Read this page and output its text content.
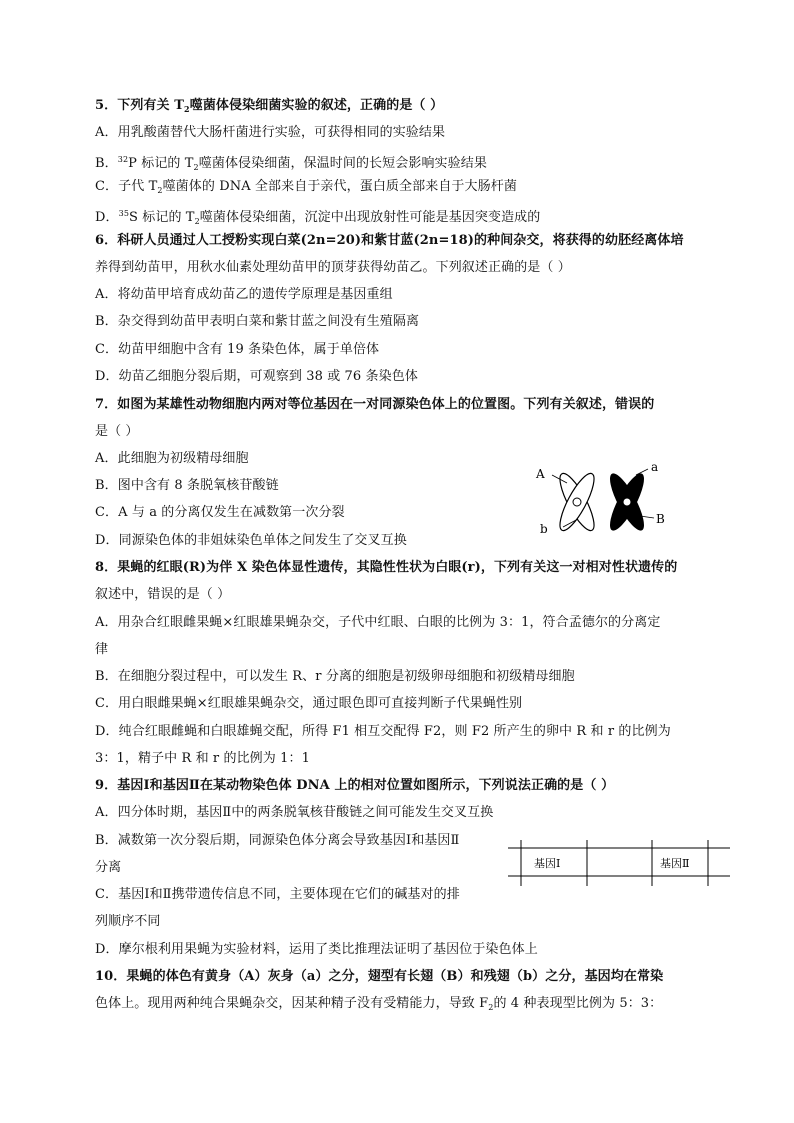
5．下列有关 $T_2$噬菌体侵染细菌实验的叙述，正确的是（ ）
A．用乳酸菌替代大肠杆菌进行实验，可获得相同的实验结果
B．$^{32}$P 标记的 $T_2$噬菌体侵染细菌，保温时间的长短会影响实验结果
C．子代 $T_2$噬菌体的 DNA 全部来自于亲代，蛋白质全部来自于大肠杆菌
D．$^{35}$S 标记的 $T_2$噬菌体侵染细菌，沉淀中出现放射性可能是基因突变造成的
6．科研人员通过人工授粉实现白菜(2n=20)和紫甘蓝(2n=18)的种间杂交，将获得的幼胚经离体培
养得到幼苗甲，用秋水仙素处理幼苗甲的顶芽获得幼苗乙。下列叙述正确的是（ ）
A．将幼苗甲培育成幼苗乙的遗传学原理是基因重组
B．杂交得到幼苗甲表明白菜和紫甘蓝之间没有生殖隔离
C．幼苗甲细胞中含有 19 条染色体，属于单倍体
D．幼苗乙细胞分裂后期，可观察到 38 或 76 条染色体
7．如图为某雄性动物细胞内两对等位基因在一对同源染色体上的位置图。下列有关叙述，错误的
是（ ）
A．此细胞为初级精母细胞
B．图中含有 8 条脱氧核苷酸链
C．A 与 a 的分离仅发生在减数第一次分裂
D．同源染色体的非姐妹染色单体之间发生了交叉互换
A
b
a
B
8．果蝇的红眼(R)为伴 X 染色体显性遗传，其隐性性状为白眼(r)，下列有关这一对相对性状遗传的
叙述中，错误的是（ ）
A．用杂合红眼雌果蝇×红眼雄果蝇杂交，子代中红眼、白眼的比例为 3：1，符合孟德尔的分离定
律
B．在细胞分裂过程中，可以发生 R、r 分离的细胞是初级卵母细胞和初级精母细胞
C．用白眼雌果蝇×红眼雄果蝇杂交，通过眼色即可直接判断子代果蝇性别
D．纯合红眼雌蝇和白眼雄蝇交配，所得 F1 相互交配得 F2，则 F2 所产生的卵中 R 和 r 的比例为
3：1，精子中 R 和 r 的比例为 1：1
9．基因Ⅰ和基因Ⅱ在某动物染色体 DNA 上的相对位置如图所示，下列说法正确的是（ ）
A．四分体时期，基因Ⅱ中的两条脱氧核苷酸链之间可能发生交叉互换
B．减数第一次分裂后期，同源染色体分离会导致基因Ⅰ和基因Ⅱ
分离
C．基因Ⅰ和Ⅱ携带遗传信息不同，主要体现在它们的碱基对的排
列顺序不同
D．摩尔根利用果蝇为实验材料，运用了类比推理法证明了基因位于染色体上
基因Ⅰ	基因Ⅱ
10．果蝇的体色有黄身（A）灰身（a）之分，翅型有长翅（B）和残翅（b）之分，基因均在常染
色体上。现用两种纯合果蝇杂交，因某种精子没有受精能力，导致 $F_2$的 4 种表现型比例为 5：3：
